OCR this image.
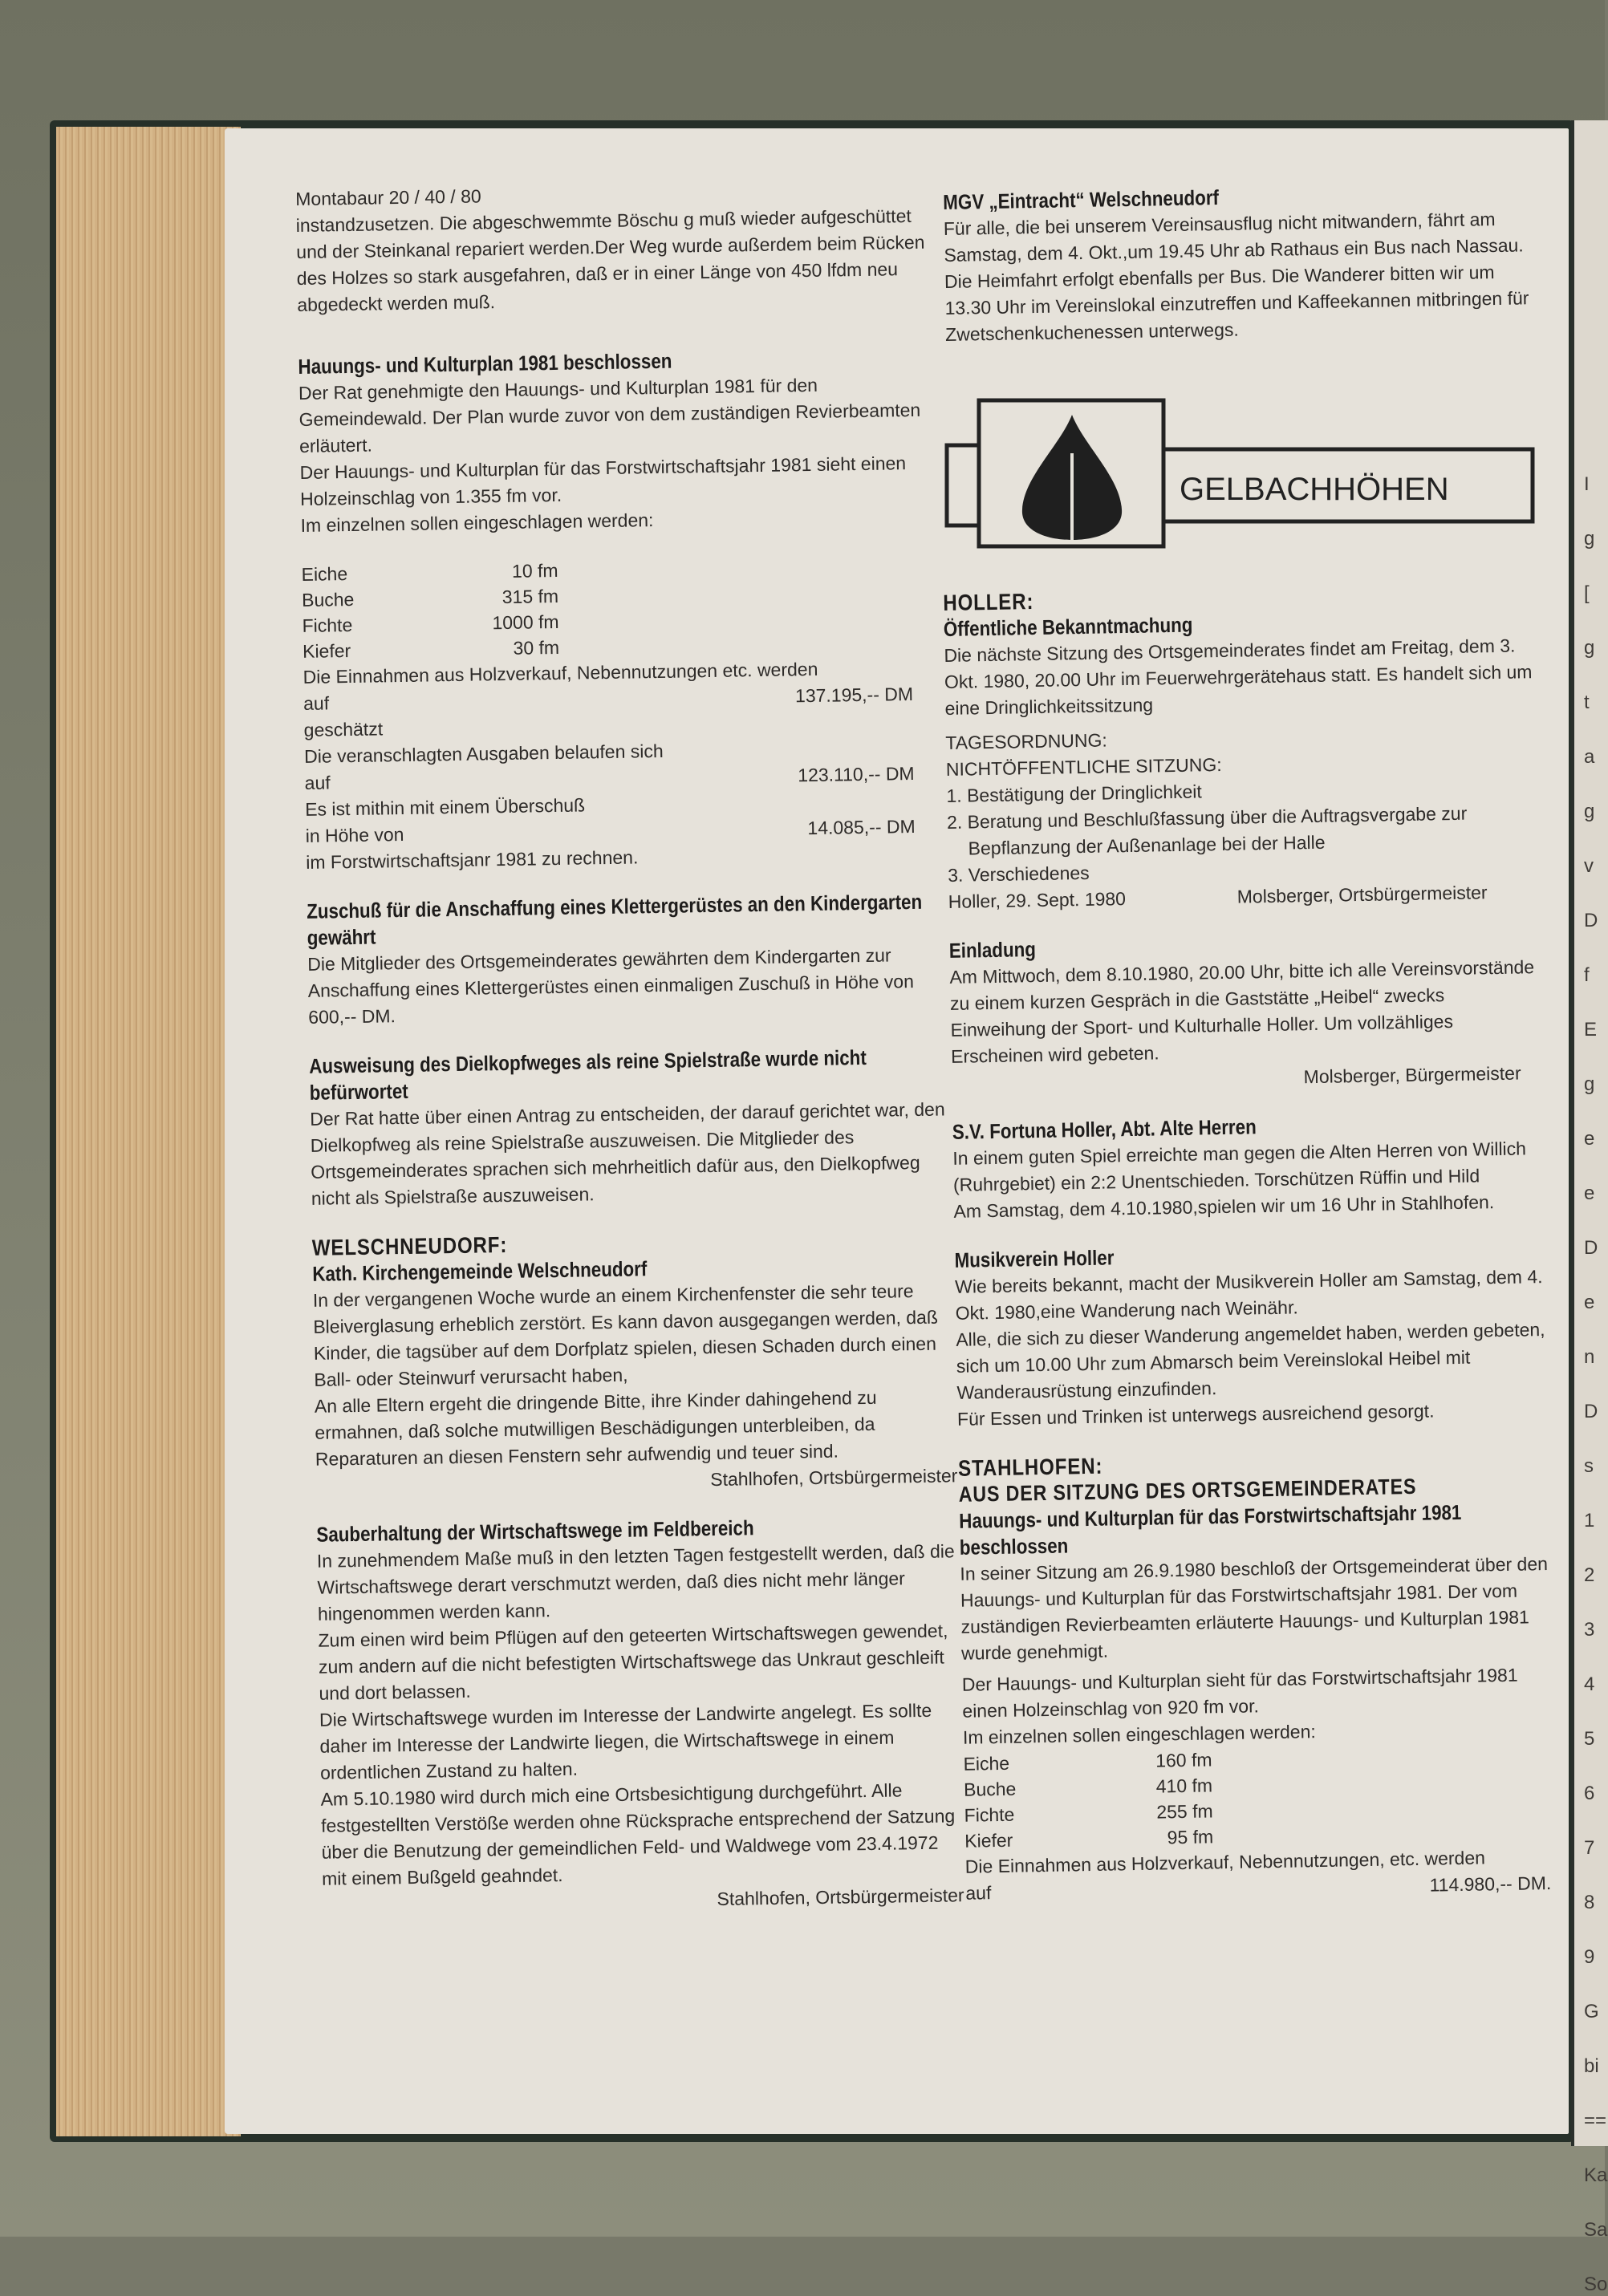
I
g
[
g
t
a
g
v
D
f
E
g
e
e
D
e
n
D
s
1
2
3
4
5
6
7
8
9
G
bi
==
Ka
Sa
So

Montabaur 20 / 40 / 80

instandzusetzen. Die abgeschwemmte Böschu g muß wieder aufgeschüttet und der Steinkanal repariert werden.Der Weg wurde außerdem beim Rücken des Holzes so stark ausgefahren, daß er in einer Länge von 450 lfdm neu abgedeckt werden muß.

Hauungs- und Kulturplan 1981 beschlossen

Der Rat genehmigte den Hauungs- und Kulturplan 1981 für den Gemeindewald. Der Plan wurde zuvor von dem zuständigen Revierbeamten erläutert.

Der Hauungs- und Kulturplan für das Forstwirtschaftsjahr 1981 sieht einen Holzeinschlag von 1.355 fm vor.

Im einzelnen sollen eingeschlagen werden:

Eiche	10 fm
Buche	315 fm
Fichte	1000 fm
Kiefer	30 fm

Die Einnahmen aus Holzverkauf, Nebennutzungen etc. werden

auf	137.195,-- DM

geschätzt

Die veranschlagten Ausgaben belaufen sich

auf	123.110,-- DM

Es ist mithin mit einem Überschuß

in Höhe von	14.085,-- DM

im Forstwirtschaftsjanr 1981 zu rechnen.

Zuschuß für die Anschaffung eines Klettergerüstes an den Kindergarten gewährt

Die Mitglieder des Ortsgemeinderates gewährten dem Kindergarten zur Anschaffung eines Klettergerüstes einen einmaligen Zuschuß in Höhe von 600,-- DM.

Ausweisung des Dielkopfweges als reine Spielstraße wurde nicht befürwortet

Der Rat hatte über einen Antrag zu entscheiden, der darauf gerichtet war, den Dielkopfweg als reine Spielstraße auszuweisen. Die Mitglieder des Ortsgemeinderates sprachen sich mehrheitlich dafür aus, den Dielkopfweg nicht als Spielstraße auszuweisen.

WELSCHNEUDORF:

Kath. Kirchengemeinde Welschneudorf

In der vergangenen Woche wurde an einem Kirchenfenster die sehr teure Bleiverglasung erheblich zerstört. Es kann davon ausgegangen werden, daß Kinder, die tagsüber auf dem Dorfplatz spielen, diesen Schaden durch einen Ball- oder Steinwurf verursacht haben,

An alle Eltern ergeht die dringende Bitte, ihre Kinder dahingehend zu ermahnen, daß solche mutwilligen Beschädigungen unterbleiben, da Reparaturen an diesen Fenstern sehr aufwendig und teuer sind.

Stahlhofen, Ortsbürgermeister

Sauberhaltung der Wirtschaftswege im Feldbereich

In zunehmendem Maße muß in den letzten Tagen festgestellt werden, daß die Wirtschaftswege derart verschmutzt werden, daß dies nicht mehr länger hingenommen werden kann.

Zum einen wird beim Pflügen auf den geteerten Wirtschaftswegen gewendet, zum andern auf die nicht befestigten Wirtschaftswege das Unkraut geschleift und dort belassen.

Die Wirtschaftswege wurden im Interesse der Landwirte angelegt. Es sollte daher im Interesse der Landwirte liegen, die Wirtschaftswege in einem ordentlichen Zustand zu halten.

Am 5.10.1980 wird durch mich eine Ortsbesichtigung durchgeführt. Alle festgestellten Verstöße werden ohne Rücksprache entsprechend der Satzung über die Benutzung der gemeindlichen Feld- und Waldwege vom 23.4.1972 mit einem Bußgeld geahndet.

Stahlhofen, Ortsbürgermeister

MGV „Eintracht“ Welschneudorf

Für alle, die bei unserem Vereinsausflug nicht mitwandern, fährt am Samstag, dem 4. Okt.,um 19.45 Uhr ab Rathaus ein Bus nach Nassau. Die Heimfahrt erfolgt ebenfalls per Bus. Die Wanderer bitten wir um 13.30 Uhr im Vereinslokal einzutreffen und Kaffeekannen mitbringen für Zwetschenkuchenessen unterwegs.

GELBACHHÖHEN

HOLLER:

Öffentliche Bekanntmachung

Die nächste Sitzung des Ortsgemeinderates findet am Freitag, dem 3. Okt. 1980, 20.00 Uhr im Feuerwehrgerätehaus statt. Es handelt sich um eine Dringlichkeitssitzung

TAGESORDNUNG:

NICHTÖFFENTLICHE SITZUNG:

1. Bestätigung der Dringlichkeit

2. Beratung und Beschlußfassung über die Auftragsvergabe zur Bepflanzung der Außenanlage bei der Halle

3. Verschiedenes

Holler, 29. Sept. 1980	Molsberger, Ortsbürgermeister

Einladung

Am Mittwoch, dem 8.10.1980, 20.00 Uhr, bitte ich alle Vereinsvorstände zu einem kurzen Gespräch in die Gaststätte „Heibel“ zwecks Einweihung der Sport- und Kulturhalle Holler. Um vollzähliges Erscheinen wird gebeten.

Molsberger, Bürgermeister

S.V. Fortuna Holler, Abt. Alte Herren

In einem guten Spiel erreichte man gegen die Alten Herren von Willich (Ruhrgebiet) ein 2:2 Unentschieden. Torschützen Rüffin und Hild

Am Samstag, dem 4.10.1980,spielen wir um 16 Uhr in Stahlhofen.

Musikverein Holler

Wie bereits bekannt, macht der Musikverein Holler am Samstag, dem 4. Okt. 1980,eine Wanderung nach Weinähr.

Alle, die sich zu dieser Wanderung angemeldet haben, werden gebeten, sich um 10.00 Uhr zum Abmarsch beim Vereinslokal Heibel mit Wanderausrüstung einzufinden.

Für Essen und Trinken ist unterwegs ausreichend gesorgt.

STAHLHOFEN:

AUS DER SITZUNG DES ORTSGEMEINDERATES

Hauungs- und Kulturplan für das Forstwirtschaftsjahr 1981 beschlossen

In seiner Sitzung am 26.9.1980 beschloß der Ortsgemeinderat über den Hauungs- und Kulturplan für das Forstwirtschaftsjahr 1981. Der vom zuständigen Revierbeamten erläuterte Hauungs- und Kulturplan 1981 wurde genehmigt.

Der Hauungs- und Kulturplan sieht für das Forstwirtschaftsjahr 1981 einen Holzeinschlag von 920 fm vor.

Im einzelnen sollen eingeschlagen werden:

Eiche	160 fm
Buche	410 fm
Fichte	255 fm
Kiefer	95 fm

Die Einnahmen aus Holzverkauf, Nebennutzungen, etc. werden

auf	114.980,-- DM.
